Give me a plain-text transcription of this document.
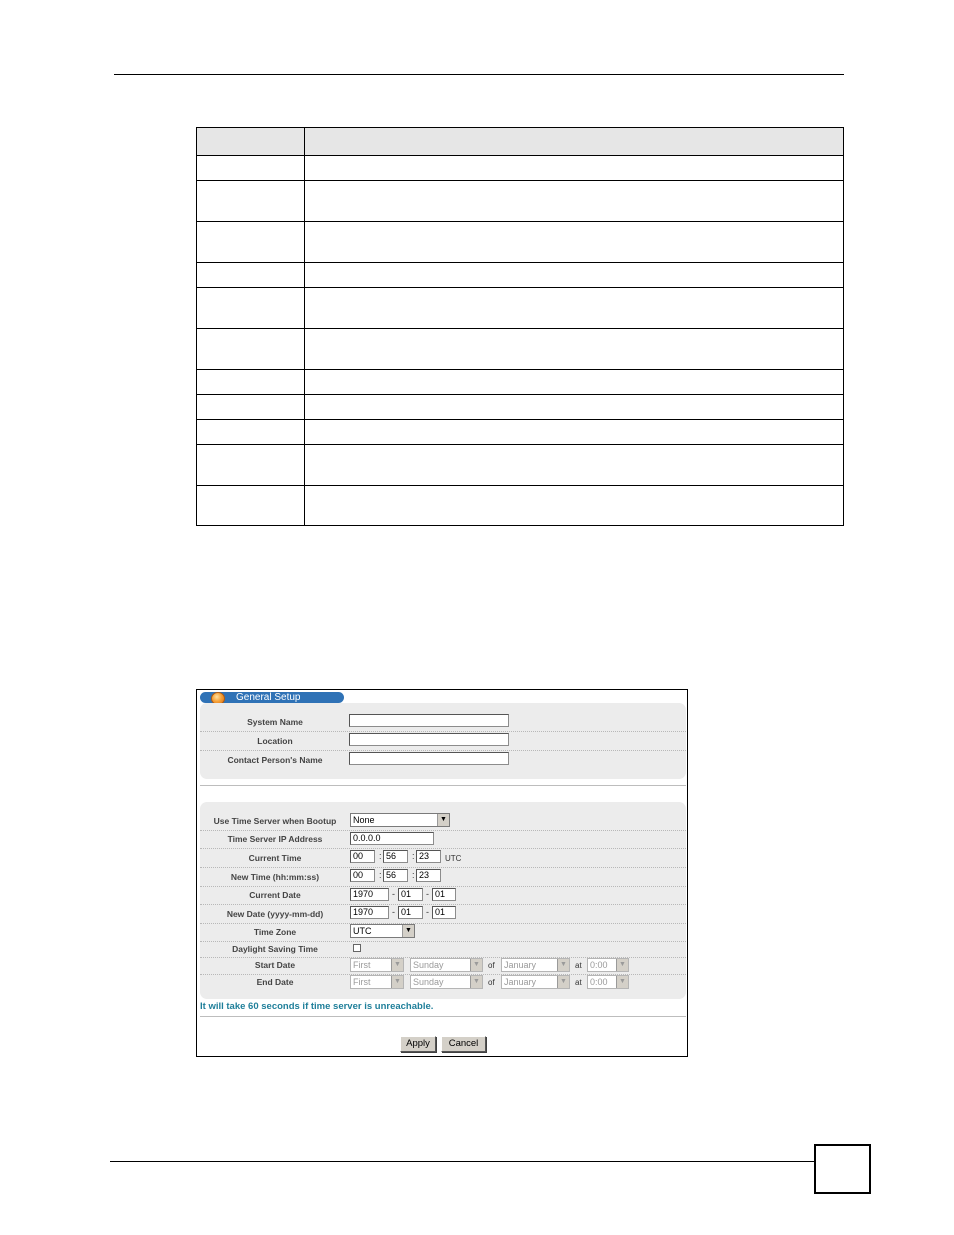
General Setup
System Name
Location
Contact Person's Name
Use Time Server when Bootup	None	▼
Time Server IP Address	0.0.0.0
Current Time	00	: 56	: 23	UTC
New Time (hh:mm:ss)	00	: 56	: 23
Current Date	1970	- 01	- 01
New Date (yyyy-mm-dd)	1970	- 01	- 01
Time Zone	UTC	▼
Daylight Saving Time
Start Date	First	▼	Sunday	▼ of	January	▼ at 0:00	▼
End Date	First	▼	Sunday	▼ of	January	▼ at 0:00	▼
It will take 60 seconds if time server is unreachable.
Apply	Cancel
